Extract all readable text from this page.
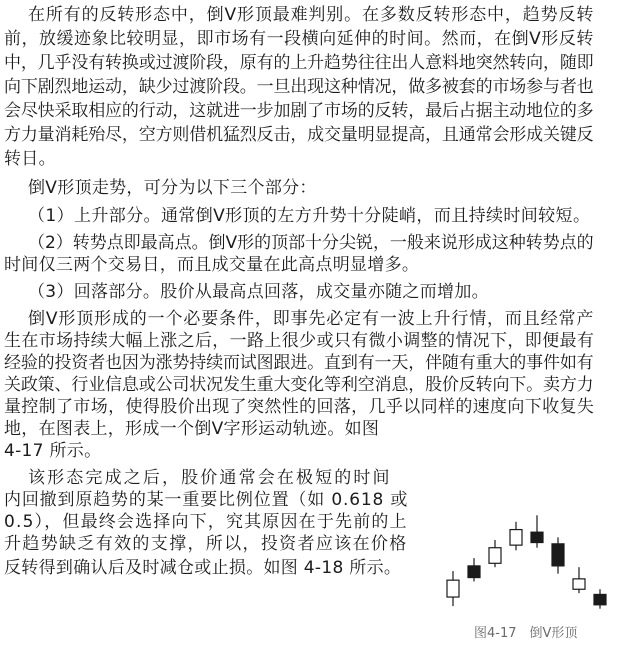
在所有的反转形态中，倒Ⅴ形顶最难判别。在多数反转形态中，趋势反转
前，放缓迹象比较明显，即市场有一段横向延伸的时间。然而，在倒Ⅴ形反转
中，几乎没有转换或过渡阶段，原有的上升趋势往往出人意料地突然转向，随即
向下剧烈地运动，缺少过渡阶段。一旦出现这种情况，做多被套的市场参与者也
会尽快采取相应的行动，这就进一步加剧了市场的反转，最后占据主动地位的多
方力量消耗殆尽，空方则借机猛烈反击，成交量明显提高，且通常会形成关键反
转日。
倒Ⅴ形顶走势，可分为以下三个部分：
（1）上升部分。通常倒Ⅴ形顶的左方升势十分陡峭，而且持续时间较短。
（2）转势点即最高点。倒Ⅴ形的顶部十分尖锐，一般来说形成这种转势点的
时间仅三两个交易日，而且成交量在此高点明显增多。
（3）回落部分。股价从最高点回落，成交量亦随之而增加。
倒Ⅴ形顶形成的一个必要条件，即事先必定有一波上升行情，而且经常产
生在市场持续大幅上涨之后，一路上很少或只有微小调整的情况下，即便最有
经验的投资者也因为涨势持续而试图跟进。直到有一天，伴随有重大的事件如有
关政策、行业信息或公司状况发生重大变化等利空消息，股价反转向下。卖方力
量控制了市场，使得股价出现了突然性的回落，几乎以同样的速度向下收复失
地，在图表上，形成一个倒Ⅴ字形运动轨迹。如图
4-17 所示。
该形态完成之后，股价通常会在极短的时间
内回撤到原趋势的某一重要比例位置（如 0.618 或
0.5），但最终会选择向下，究其原因在于先前的上
升趋势缺乏有效的支撑，所以，投资者应该在价格
反转得到确认后及时减仓或止损。如图 4-18 所示。
图4-17　倒Ⅴ形顶
